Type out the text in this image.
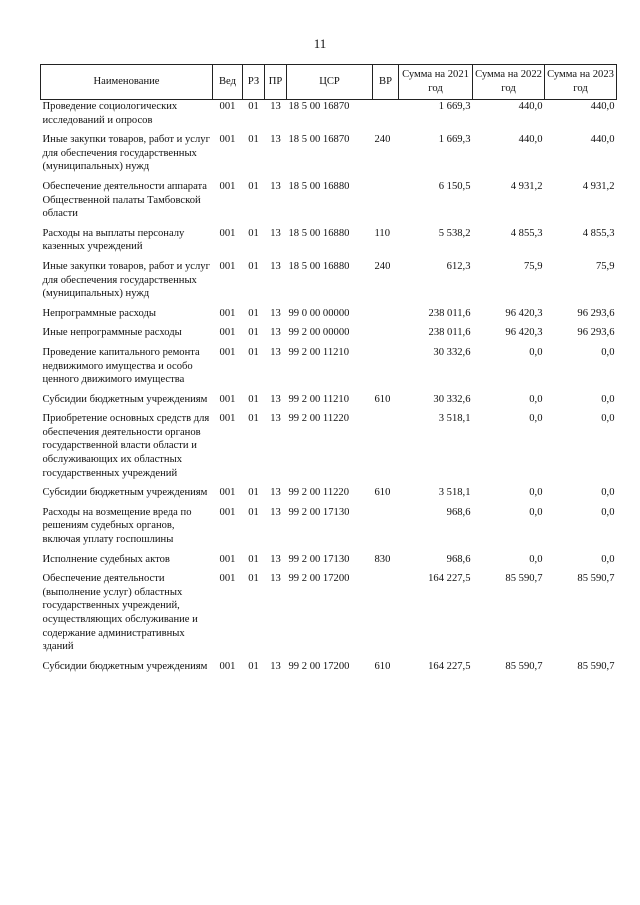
11
Наименование	Вед	РЗ	ПР	ЦСР	ВР	Сумма на 2021 год	Сумма на 2022 год	Сумма на 2023 год
Проведение социологических исследований и опросов	001	01	13	18 5 00 16870		1 669,3	440,0	440,0

Иные закупки товаров, работ и услуг для обеспечения государственных (муниципальных) нужд	001	01	13	18 5 00 16870	240	1 669,3	440,0	440,0

Обеспечение деятельности аппарата Общественной палаты Тамбовской области	001	01	13	18 5 00 16880		6 150,5	4 931,2	4 931,2

Расходы на выплаты персоналу казенных учреждений	001	01	13	18 5 00 16880	110	5 538,2	4 855,3	4 855,3

Иные закупки товаров, работ и услуг для обеспечения государственных (муниципальных) нужд	001	01	13	18 5 00 16880	240	612,3	75,9	75,9

Непрограммные расходы	001	01	13	99 0 00 00000		238 011,6	96 420,3	96 293,6

Иные непрограммные расходы	001	01	13	99 2 00 00000		238 011,6	96 420,3	96 293,6

Проведение капитального ремонта недвижимого имущества и особо ценного движимого имущества	001	01	13	99 2 00 11210		30 332,6	0,0	0,0

Субсидии бюджетным учреждениям	001	01	13	99 2 00 11210	610	30 332,6	0,0	0,0

Приобретение основных средств для обеспечения деятельности органов государственной власти области и обслуживающих их областных государственных учреждений	001	01	13	99 2 00 11220		3 518,1	0,0	0,0

Субсидии бюджетным учреждениям	001	01	13	99 2 00 11220	610	3 518,1	0,0	0,0

Расходы на возмещение вреда по решениям судебных органов, включая уплату госпошлины	001	01	13	99 2 00 17130		968,6	0,0	0,0

Исполнение судебных актов	001	01	13	99 2 00 17130	830	968,6	0,0	0,0

Обеспечение деятельности (выполнение услуг) областных государственных учреждений, осуществляющих обслуживание и содержание административных зданий	001	01	13	99 2 00 17200		164 227,5	85 590,7	85 590,7

Субсидии бюджетным учреждениям	001	01	13	99 2 00 17200	610	164 227,5	85 590,7	85 590,7
